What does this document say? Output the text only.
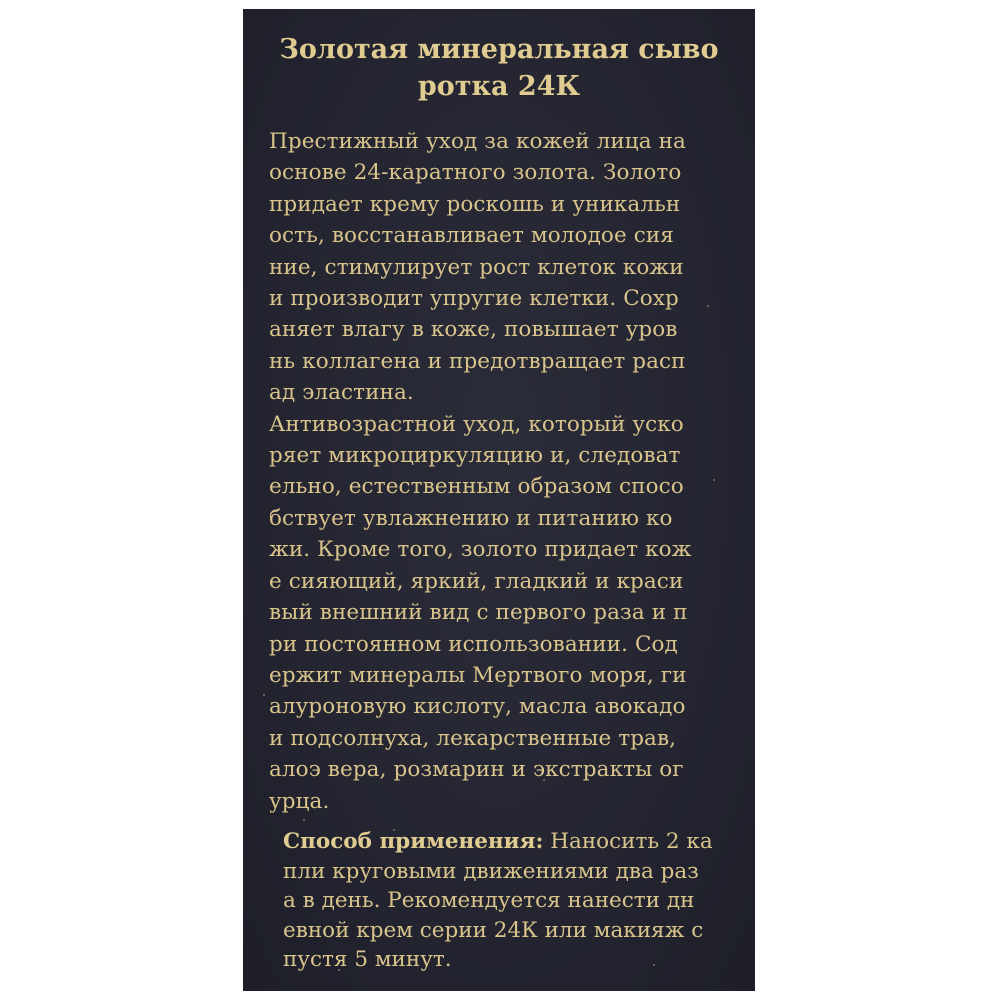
Золотая минеральная сыво
ротка 24К
Престижный уход за кожей лица на
основе 24-каратного золота. Золото
придает крему роскошь и уникальн
ость, восстанавливает молодое сия
ние, стимулирует рост клеток кожи
и производит упругие клетки. Сохр
аняет влагу в коже, повышает уров
нь коллагена и предотвращает расп
ад эластина.
Антивозрастной уход, который уско
ряет микроциркуляцию и, следоват
ельно, естественным образом спосо
бствует увлажнению и питанию ко
жи. Кроме того, золото придает кож
е сияющий, яркий, гладкий и краси
вый внешний вид с первого раза и п
ри постоянном использовании. Сод
ержит минералы Мертвого моря, ги
алуроновую кислоту, масла авокадо
и подсолнуха, лекарственные трав,
алоэ вера, розмарин и экстракты ог
урца.
Способ применения: Наносить 2 ка
пли круговыми движениями два раз
а в день. Рекомендуется нанести дн
евной крем серии 24К или макияж с
пустя 5 минут.
